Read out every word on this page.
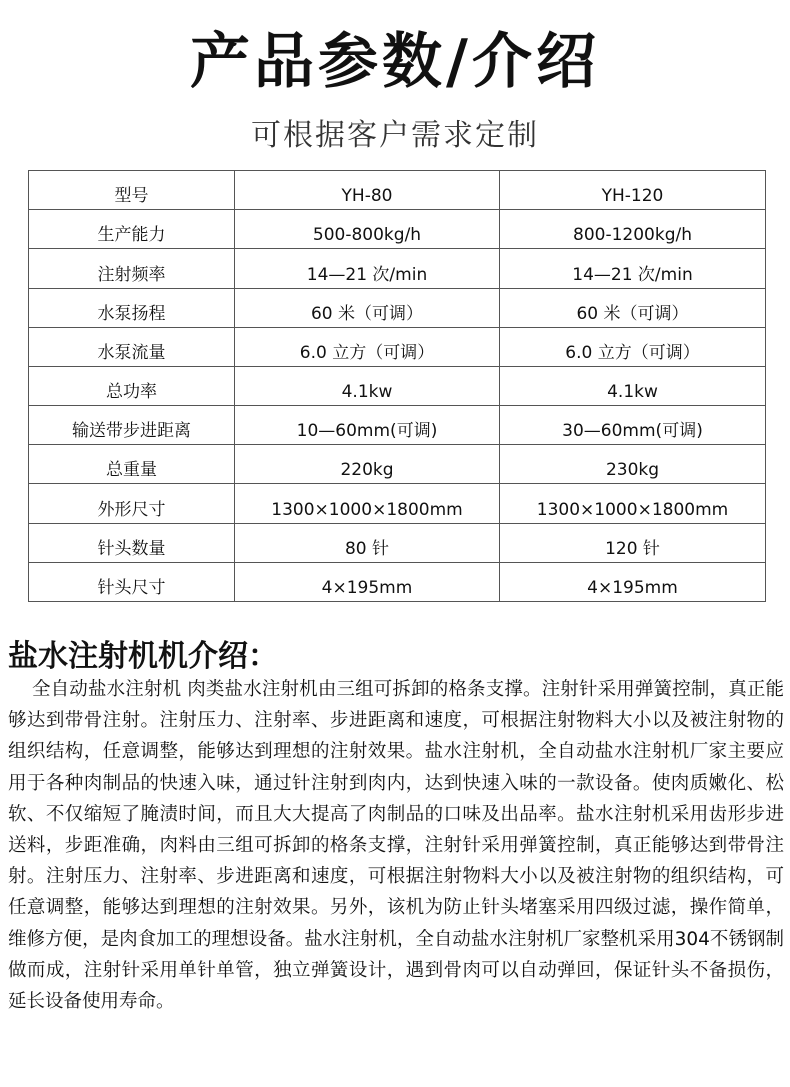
产品参数/介绍
可根据客户需求定制
型号	YH-80	YH-120
生产能力	500-800kg/h	800-1200kg/h
注射频率	14—21 次/min	14—21 次/min
水泵扬程	60 米（可调）	60 米（可调）
水泵流量	6.0 立方（可调）	6.0 立方（可调）
总功率	4.1kw	4.1kw
输送带步进距离	10—60mm(可调)	30—60mm(可调)
总重量	220kg	230kg
外形尺寸	1300×1000×1800mm	1300×1000×1800mm
针头数量	80 针	120 针
针头尺寸	4×195mm	4×195mm
盐水注射机机介绍：

全自动盐水注射机 肉类盐水注射机由三组可拆卸的格条支撑。注射针采用弹簧控制，真正能够达到带骨注射。注射压力、注射率、步进距离和速度，可根据注射物料大小以及被注射物的组织结构，任意调整，能够达到理想的注射效果。盐水注射机，全自动盐水注射机厂家主要应用于各种肉制品的快速入味，通过针注射到肉内，达到快速入味的一款设备。使肉质嫩化、松软、不仅缩短了腌渍时间，而且大大提高了肉制品的口味及出品率。盐水注射机采用齿形步进送料，步距准确，肉料由三组可拆卸的格条支撑，注射针采用弹簧控制，真正能够达到带骨注射。注射压力、注射率、步进距离和速度，可根据注射物料大小以及被注射物的组织结构，可任意调整，能够达到理想的注射效果。另外，该机为防止针头堵塞采用四级过滤，操作简单，维修方便，是肉食加工的理想设备。盐水注射机，全自动盐水注射机厂家整机采用304不锈钢制做而成，注射针采用单针单管，独立弹簧设计，遇到骨肉可以自动弹回，保证针头不备损伤，延长设备使用寿命。
